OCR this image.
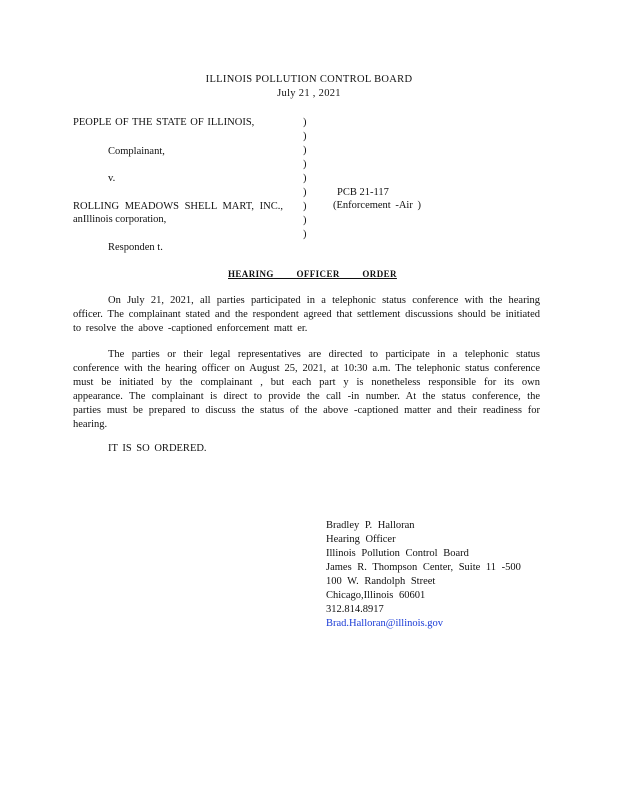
ILLINOIS POLLUTION CONTROL BOARD
July 21 , 2021
PEOPLE OF THE STATE OF ILLINOIS,
Complainant,
v.
ROLLING MEADOWS SHELL MART, INC.,
anIllinois corporation,
Responden t.
)
)
)
)
)
)
)
)
)
PCB 21-117
(Enforcement -Air )
HEARING OFFICER ORDER
On July 21, 2021, all parties participated in a telephonic status conference with the hearing officer. The complainant stated and the respondent agreed that settlement discussions should be initiated to resolve the above -captioned enforcement matt er.
The parties or their legal representatives are directed to participate in a telephonic status conference with the hearing officer on August 25, 2021, at 10:30 a.m. The telephonic status conference must be initiated by the complainant , but each part y is nonetheless responsible for its own appearance. The complainant is direct to provide the call -in number. At the status conference, the parties must be prepared to discuss the status of the above -captioned matter and their readiness for hearing.
IT IS SO ORDERED.
Bradley P. Halloran
Hearing Officer
Illinois Pollution Control Board
James R. Thompson Center, Suite 11 -500
100 W. Randolph Street
Chicago,Illinois 60601
312.814.8917
Brad.Halloran@illinois.gov
